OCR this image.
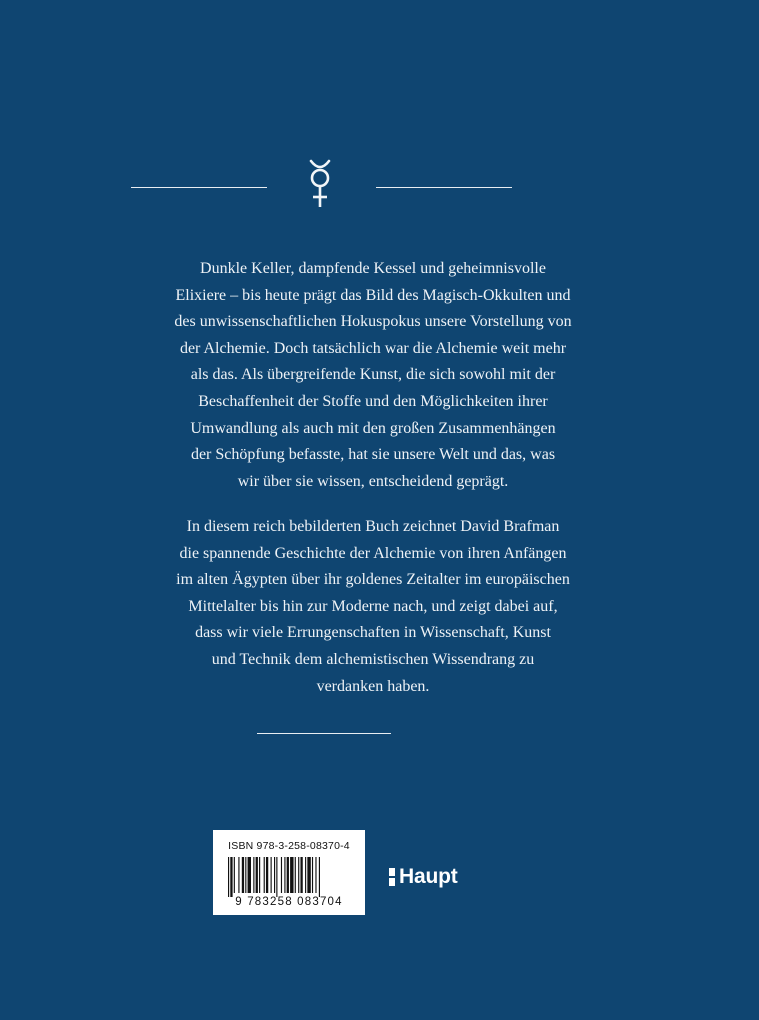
Dunkle Keller, dampfende Kessel und geheimnisvolle
Elixiere – bis heute prägt das Bild des Magisch-Okkulten und
des unwissenschaftlichen Hokuspokus unsere Vorstellung von
der Alchemie. Doch tatsächlich war die Alchemie weit mehr
als das. Als übergreifende Kunst, die sich sowohl mit der
Beschaffenheit der Stoffe und den Möglichkeiten ihrer
Umwandlung als auch mit den großen Zusammenhängen
der Schöpfung befasste, hat sie unsere Welt und das, was
wir über sie wissen, entscheidend geprägt.
In diesem reich bebilderten Buch zeichnet David Brafman
die spannende Geschichte der Alchemie von ihren Anfängen
im alten Ägypten über ihr goldenes Zeitalter im europäischen
Mittelalter bis hin zur Moderne nach, und zeigt dabei auf,
dass wir viele Errungenschaften in Wissenschaft, Kunst
und Technik dem alchemistischen Wissendrang zu
verdanken haben.
ISBN 978-3-258-08370-4
9 783258 083704
Haupt
